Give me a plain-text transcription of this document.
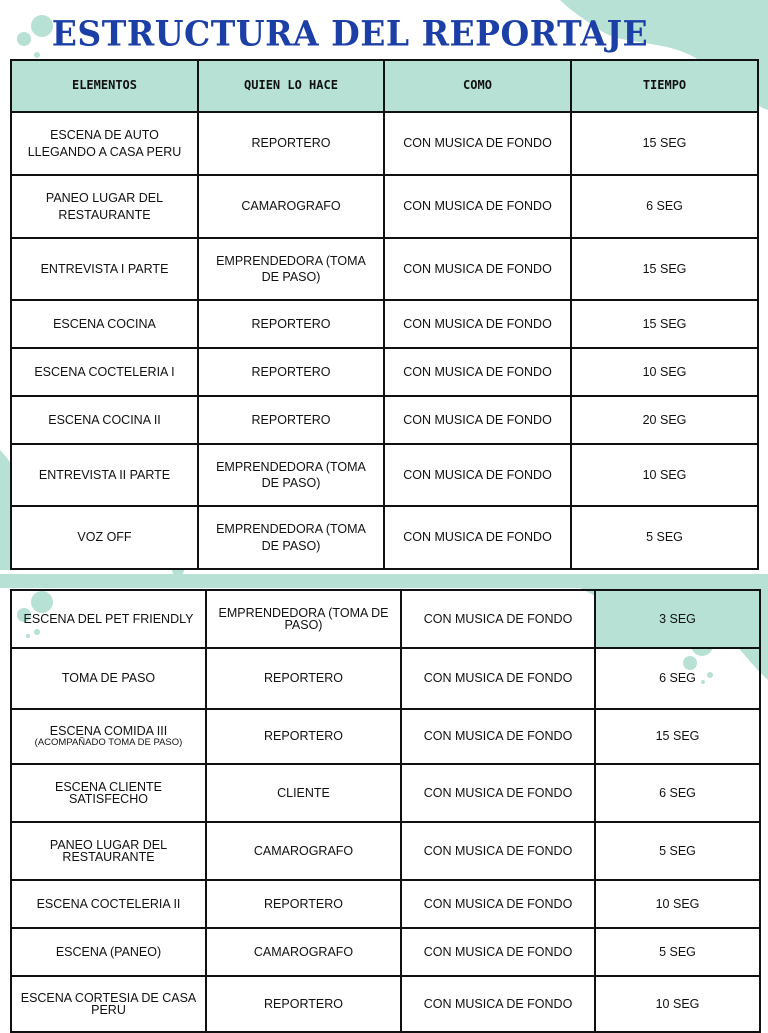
ESTRUCTURA DEL REPORTAJE
ELEMENTOS	QUIEN LO HACE	COMO	TIEMPO
ESCENA DE AUTO LLEGANDO A CASA PERU	REPORTERO	CON MUSICA DE FONDO	15 SEG
PANEO LUGAR DEL RESTAURANTE	CAMAROGRAFO	CON MUSICA DE FONDO	6 SEG
ENTREVISTA I PARTE	EMPRENDEDORA (TOMA DE PASO)	CON MUSICA DE FONDO	15 SEG
ESCENA COCINA	REPORTERO	CON MUSICA DE FONDO	15 SEG
ESCENA COCTELERIA I	REPORTERO	CON MUSICA DE FONDO	10 SEG
ESCENA COCINA II	REPORTERO	CON MUSICA DE FONDO	20 SEG
ENTREVISTA II PARTE	EMPRENDEDORA (TOMA DE PASO)	CON MUSICA DE FONDO	10 SEG
VOZ OFF	EMPRENDEDORA (TOMA DE PASO)	CON MUSICA DE FONDO	5 SEG
ESCENA DEL PET FRIENDLY	EMPRENDEDORA (TOMA DE PASO)	CON MUSICA DE FONDO	3 SEG
TOMA DE PASO	REPORTERO	CON MUSICA DE FONDO	6 SEG
ESCENA COMIDA III
(ACOMPAÑADO TOMA DE PASO)	REPORTERO	CON MUSICA DE FONDO	15 SEG
ESCENA CLIENTE SATISFECHO	CLIENTE	CON MUSICA DE FONDO	6 SEG
PANEO LUGAR DEL RESTAURANTE	CAMAROGRAFO	CON MUSICA DE FONDO	5 SEG
ESCENA COCTELERIA II	REPORTERO	CON MUSICA DE FONDO	10 SEG
ESCENA (PANEO)	CAMAROGRAFO	CON MUSICA DE FONDO	5 SEG
ESCENA CORTESIA DE CASA PERU	REPORTERO	CON MUSICA DE FONDO	10 SEG
